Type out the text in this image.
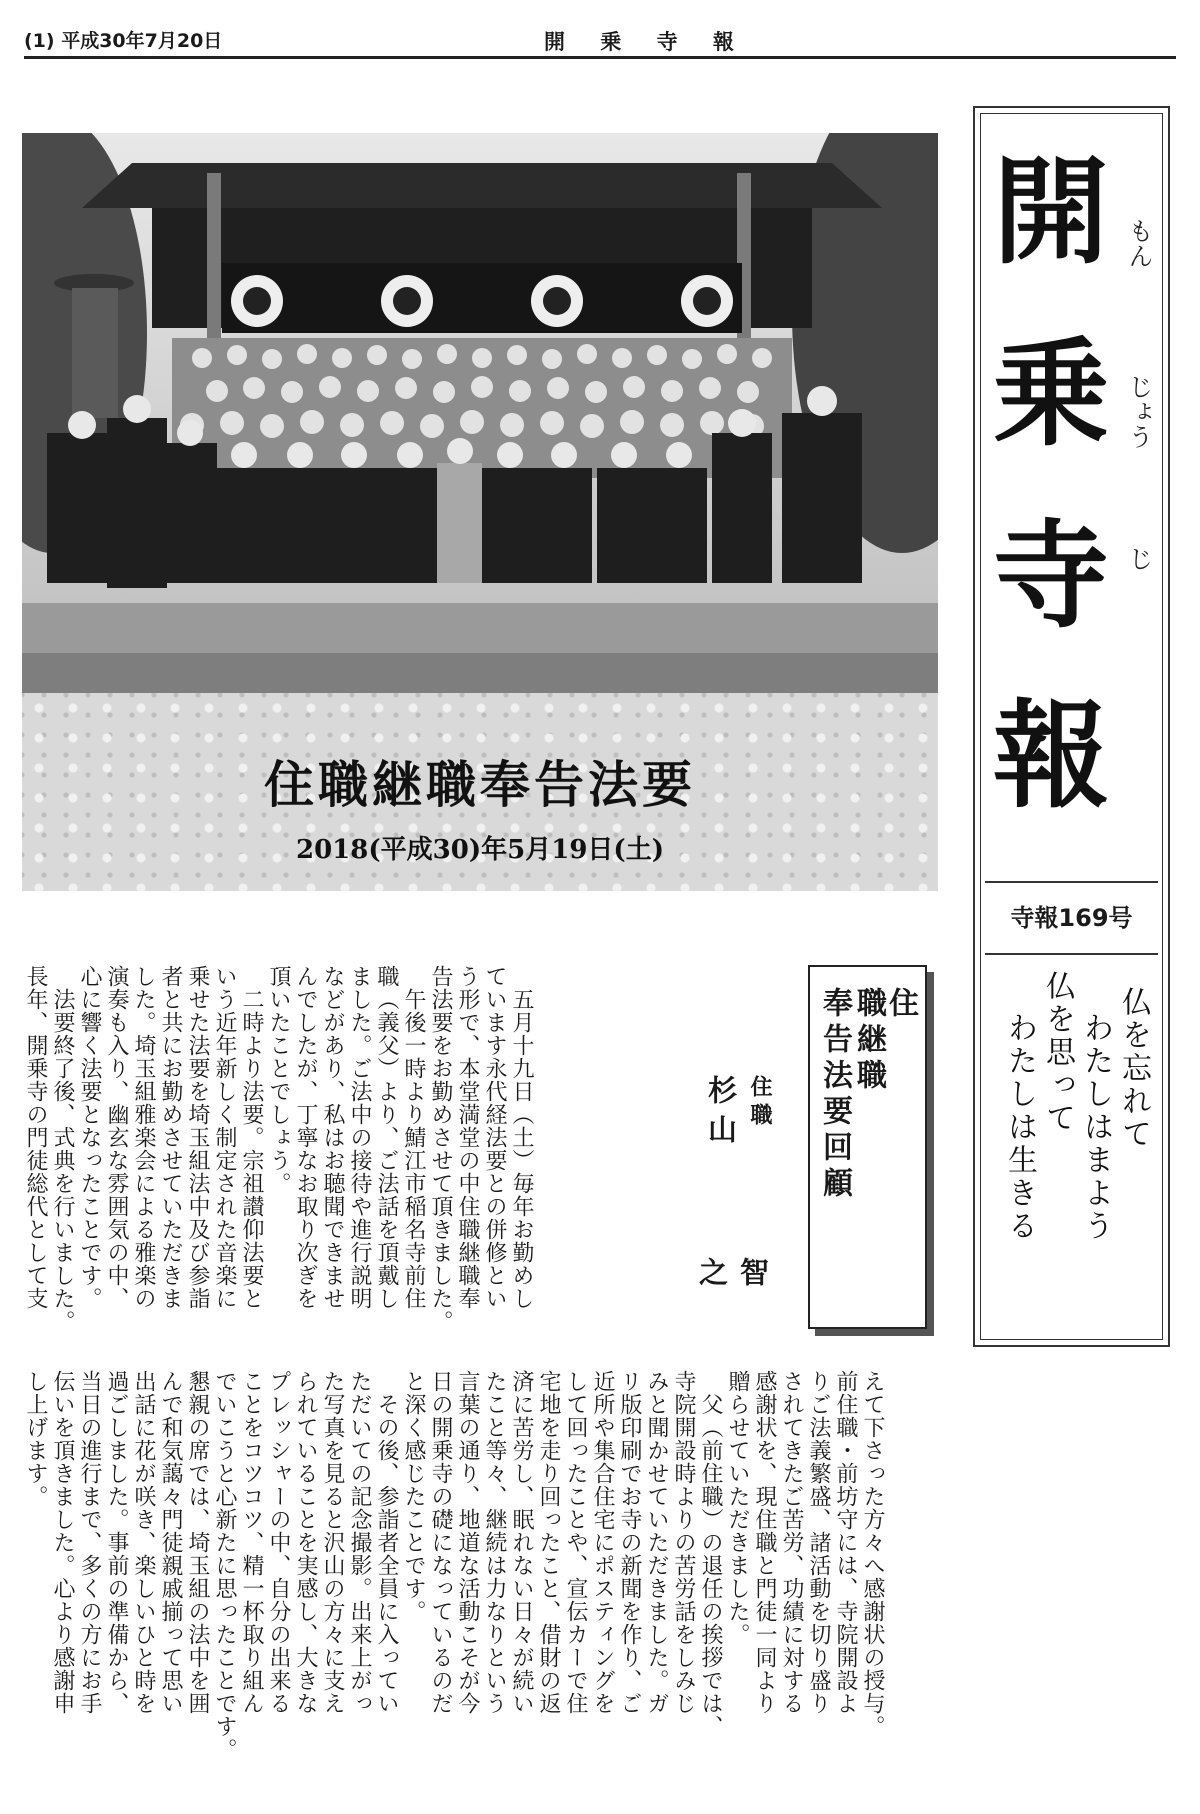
(1) 平成30年7月20日	開 乗 寺 報
住職継職奉告法要
2018(平成30)年5月19日(土)
開 もん
乗 じょう
寺 じ
報
寺報169号
仏を忘れて
わたしはまよう
仏を思って
わたしは生きる
住
職継職
奉告法要回顧
住職
杉山
智之
　五月十九日（土）毎年お勤めし
ています永代経法要との併修とい
う形で、本堂満堂の中住職継職奉
告法要をお勤めさせて頂きました。
　午後一時より鯖江市稲名寺前住
職（義父）より、ご法話を頂戴し
ました。ご法中の接待や進行説明
などがあり、私はお聴聞できませ
んでしたが、丁寧なお取り次ぎを
頂いたことでしょう。
　二時より法要。宗祖讃仰法要と
いう近年新しく制定された音楽に
乗せた法要を埼玉組法中及び参詣
者と共にお勤めさせていただきま
した。埼玉組雅楽会による雅楽の
演奏も入り、幽玄な雰囲気の中、
心に響く法要となったことです。
　法要終了後、式典を行いました。
長年、開乗寺の門徒総代として支
えて下さった方々へ感謝状の授与。
前住職・前坊守には、寺院開設よ
りご法義繁盛、諸活動を切り盛り
されてきたご苦労、功績に対する
感謝状を、現住職と門徒一同より
贈らせていただきました。
　父（前住職）の退任の挨拶では、
寺院開設時よりの苦労話をしみじ
みと聞かせていただきました。ガ
リ版印刷でお寺の新聞を作り、ご
近所や集合住宅にポスティングを
して回ったことや、宣伝カーで住
宅地を走り回ったこと、借財の返
済に苦労し、眠れない日々が続い
たこと等々、継続は力なりという
言葉の通り、地道な活動こそが今
日の開乗寺の礎になっているのだ
と深く感じたことです。
　その後、参詣者全員に入ってい
ただいての記念撮影。出来上がっ
た写真を見ると沢山の方々に支え
られていることを実感し、大きな
プレッシャーの中、自分の出来る
ことをコツコツ、精一杯取り組ん
でいこうと心新たに思ったことです。
懇親の席では、埼玉組の法中を囲
んで和気藹々門徒親戚揃って思い
出話に花が咲き、楽しいひと時を
過ごしました。事前の準備から、
当日の進行まで、多くの方にお手
伝いを頂きました。心より感謝申
し上げます。
